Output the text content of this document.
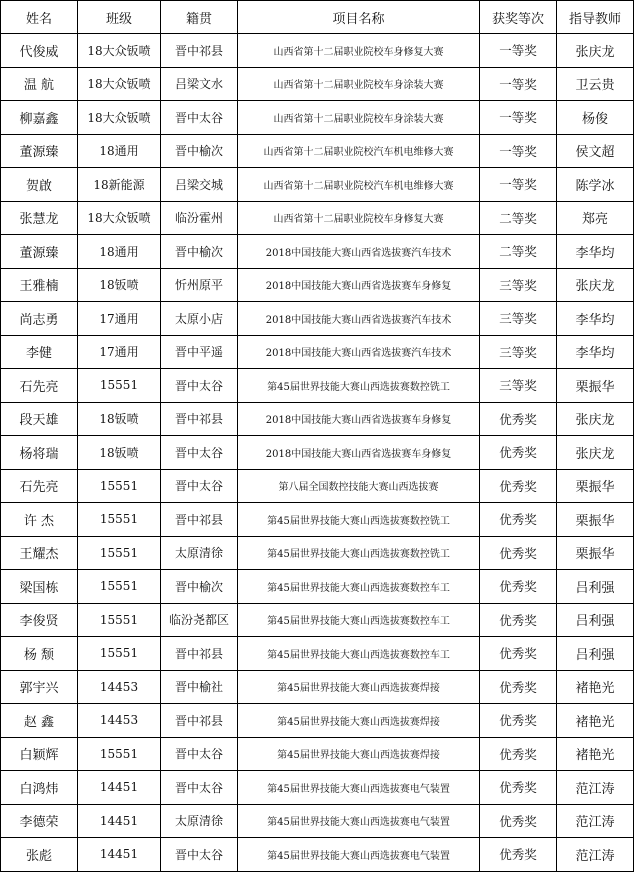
姓名	班级	籍贯	项目名称	获奖等次	指导教师
代俊威	18大众钣喷	晋中祁县	山西省第十二届职业院校车身修复大赛	一等奖	张庆龙
温 航	18大众钣喷	吕梁文水	山西省第十二届职业院校车身涂装大赛	一等奖	卫云贵
柳嘉鑫	18大众钣喷	晋中太谷	山西省第十二届职业院校车身涂装大赛	一等奖	杨俊
董源臻	18通用	晋中榆次	山西省第十二届职业院校汽车机电维修大赛	一等奖	侯文超
贺啟	18新能源	吕梁交城	山西省第十二届职业院校汽车机电维修大赛	一等奖	陈学冰
张慧龙	18大众钣喷	临汾霍州	山西省第十二届职业院校车身修复大赛	二等奖	郑亮
董源臻	18通用	晋中榆次	2018中国技能大赛山西省选拔赛汽车技术	二等奖	李华均
王雅楠	18钣喷	忻州原平	2018中国技能大赛山西省选拔赛车身修复	三等奖	张庆龙
尚志勇	17通用	太原小店	2018中国技能大赛山西省选拔赛汽车技术	三等奖	李华均
李健	17通用	晋中平遥	2018中国技能大赛山西省选拔赛汽车技术	三等奖	李华均
石先亮	15551	晋中太谷	第45届世界技能大赛山西选拔赛数控铣工	三等奖	栗振华
段天雄	18钣喷	晋中祁县	2018中国技能大赛山西省选拔赛车身修复	优秀奖	张庆龙
杨将瑞	18钣喷	晋中太谷	2018中国技能大赛山西省选拔赛车身修复	优秀奖	张庆龙
石先亮	15551	晋中太谷	第八届全国数控技能大赛山西选拔赛	优秀奖	栗振华
许 杰	15551	晋中祁县	第45届世界技能大赛山西选拔赛数控铣工	优秀奖	栗振华
王耀杰	15551	太原清徐	第45届世界技能大赛山西选拔赛数控铣工	优秀奖	栗振华
梁国栋	15551	晋中榆次	第45届世界技能大赛山西选拔赛数控车工	优秀奖	吕利强
李俊贤	15551	临汾尧都区	第45届世界技能大赛山西选拔赛数控车工	优秀奖	吕利强
杨 颓	15551	晋中祁县	第45届世界技能大赛山西选拔赛数控车工	优秀奖	吕利强
郭宇兴	14453	晋中榆社	第45届世界技能大赛山西选拔赛焊接	优秀奖	褚艳光
赵 鑫	14453	晋中祁县	第45届世界技能大赛山西选拔赛焊接	优秀奖	褚艳光
白颖辉	15551	晋中太谷	第45届世界技能大赛山西选拔赛焊接	优秀奖	褚艳光
白鸿炜	14451	晋中太谷	第45届世界技能大赛山西选拔赛电气装置	优秀奖	范江涛
李德荣	14451	太原清徐	第45届世界技能大赛山西选拔赛电气装置	优秀奖	范江涛
张彪	14451	晋中太谷	第45届世界技能大赛山西选拔赛电气装置	优秀奖	范江涛
